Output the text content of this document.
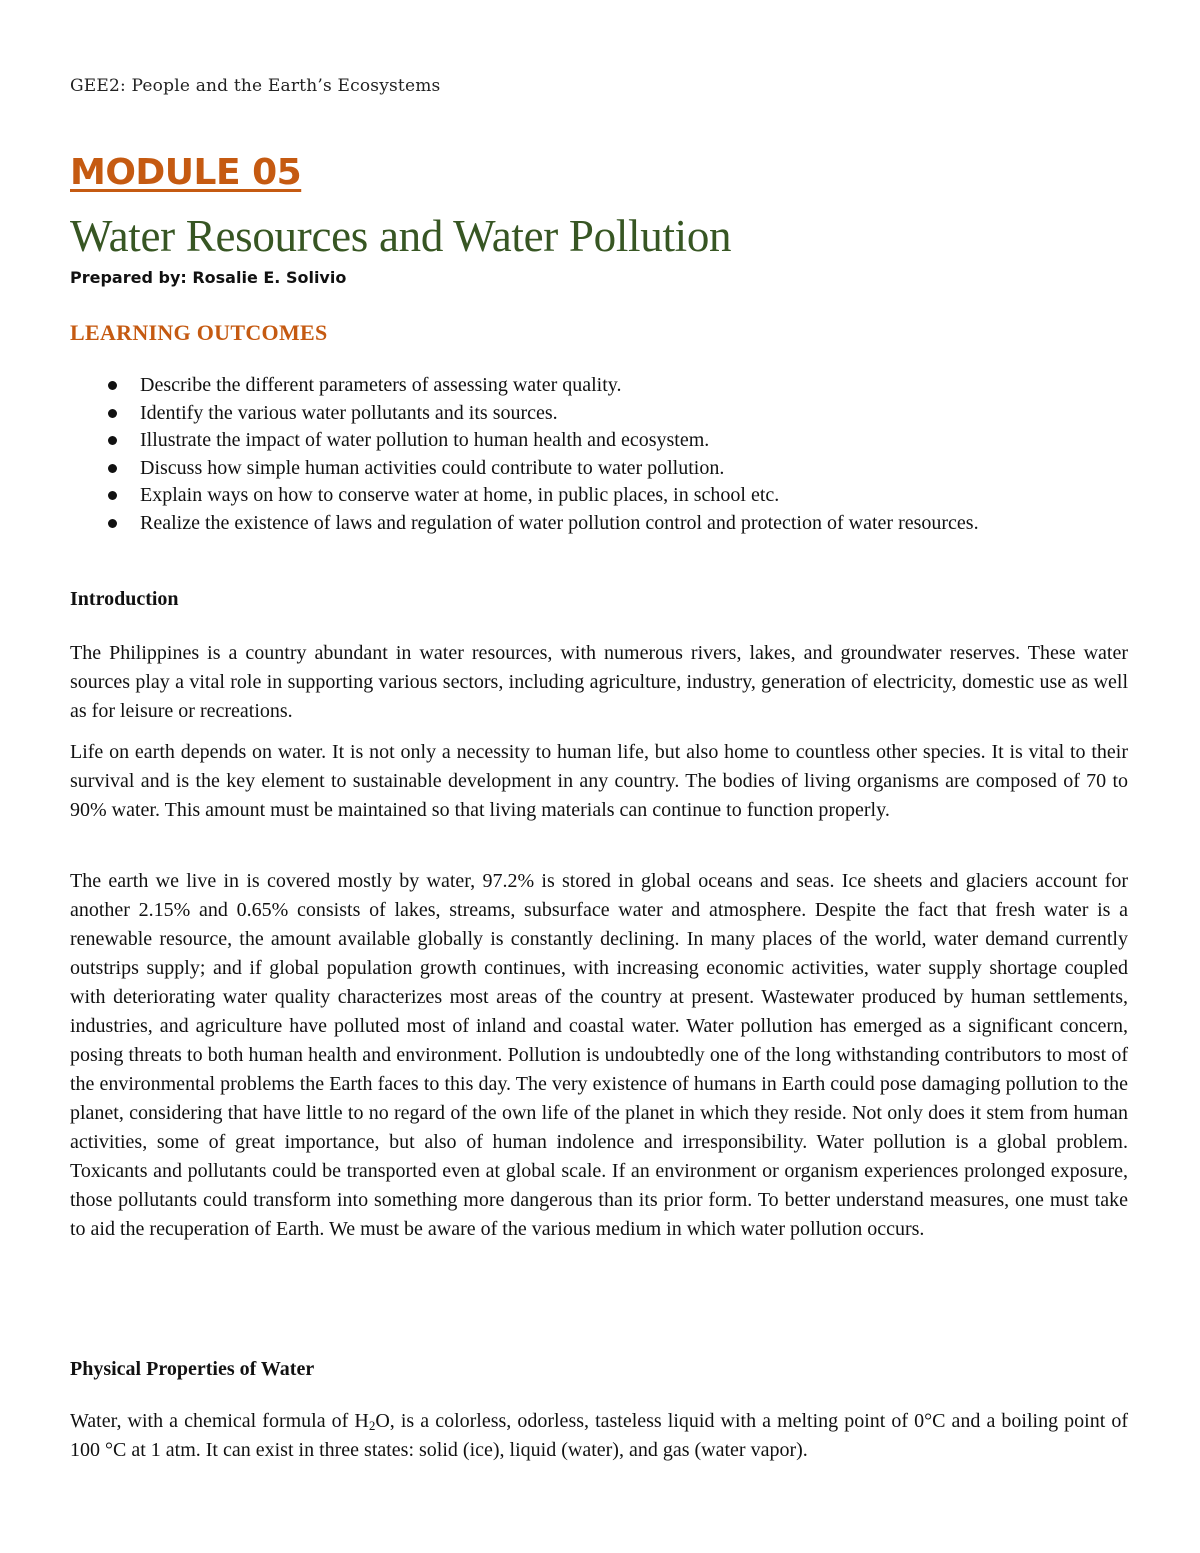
GEE2: People and the Earth’s Ecosystems
MODULE 05
Water Resources and Water Pollution
Prepared by: Rosalie E. Solivio
LEARNING OUTCOMES
Describe the different parameters of assessing water quality.
Identify the various water pollutants and its sources.
Illustrate the impact of water pollution to human health and ecosystem.
Discuss how simple human activities could contribute to water pollution.
Explain ways on how to conserve water at home, in public places, in school etc.
Realize the existence of laws and regulation of water pollution control and protection of water resources.
Introduction

The Philippines is a country abundant in water resources, with numerous rivers, lakes, and groundwater reserves. These water sources play a vital role in supporting various sectors, including agriculture, industry, generation of electricity, domestic use as well as for leisure or recreations.

Life on earth depends on water. It is not only a necessity to human life, but also home to countless other species. It is vital to their survival and is the key element to sustainable development in any country. The bodies of living organisms are composed of 70 to 90% water. This amount must be maintained so that living materials can continue to function properly.

The earth we live in is covered mostly by water, 97.2% is stored in global oceans and seas. Ice sheets and glaciers account for another 2.15% and 0.65% consists of lakes, streams, subsurface water and atmosphere. Despite the fact that fresh water is a renewable resource, the amount available globally is constantly declining. In many places of the world, water demand currently outstrips supply; and if global population growth continues, with increasing economic activities, water supply shortage coupled with deteriorating water quality characterizes most areas of the country at present. Wastewater produced by human settlements, industries, and agriculture have polluted most of inland and coastal water. Water pollution has emerged as a significant concern, posing threats to both human health and environment. Pollution is undoubtedly one of the long withstanding contributors to most of the environmental problems the Earth faces to this day. The very existence of humans in Earth could pose damaging pollution to the planet, considering that have little to no regard of the own life of the planet in which they reside. Not only does it stem from human activities, some of great importance, but also of human indolence and irresponsibility. Water pollution is a global problem. Toxicants and pollutants could be transported even at global scale. If an environment or organism experiences prolonged exposure, those pollutants could transform into something more dangerous than its prior form. To better understand measures, one must take to aid the recuperation of Earth. We must be aware of the various medium in which water pollution occurs.

Physical Properties of Water

Water, with a chemical formula of $H_2O$, is a colorless, odorless, tasteless liquid with a melting point of 0°C and a boiling point of 100 °C at 1 atm. It can exist in three states: solid (ice), liquid (water), and gas (water vapor).
